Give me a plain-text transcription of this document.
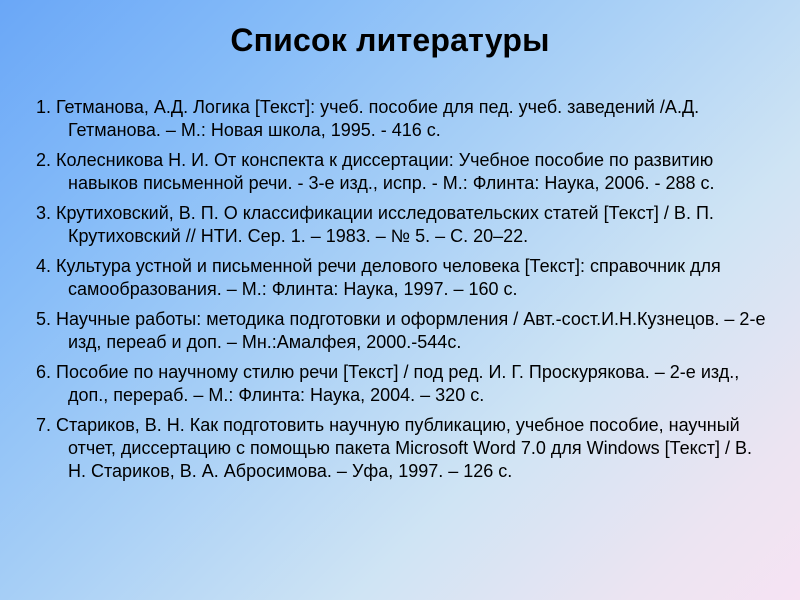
Список литературы
1. Гетманова, А.Д. Логика [Текст]: учеб. пособие для пед. учеб. заведений /А.Д. Гетманова. – М.: Новая школа, 1995. - 416 с.
2. Колесникова Н. И. От конспекта к диссертации: Учебное пособие по развитию навыков письменной речи. - 3-е изд., испр. - М.: Флинта: Наука, 2006. - 288 с.
3. Крутиховский, В. П. О классификации исследовательских статей [Текст] / В. П. Крутиховский // НТИ. Сер. 1. – 1983. – № 5. – С. 20–22.
4. Культура устной и письменной речи делового человека [Текст]: справочник для самообразования. – М.: Флинта: Наука, 1997. – 160 с.
5. Научные работы: методика подготовки и оформления / Авт.-сост.И.Н.Кузнецов. – 2-е изд, переаб и доп. – Мн.:Амалфея, 2000.-544с.
6. Пособие по научному стилю речи [Текст] / под ред. И. Г. Проскурякова. – 2-е изд., доп., перераб. – М.: Флинта: Наука, 2004. – 320 с.
7. Стариков, В. Н. Как подготовить научную публикацию, учебное пособие, научный отчет, диссертацию с помощью пакета Microsoft Word 7.0 для Windows [Текст] / В. Н. Стариков, В. А. Абросимова. – Уфа, 1997. – 126 с.
